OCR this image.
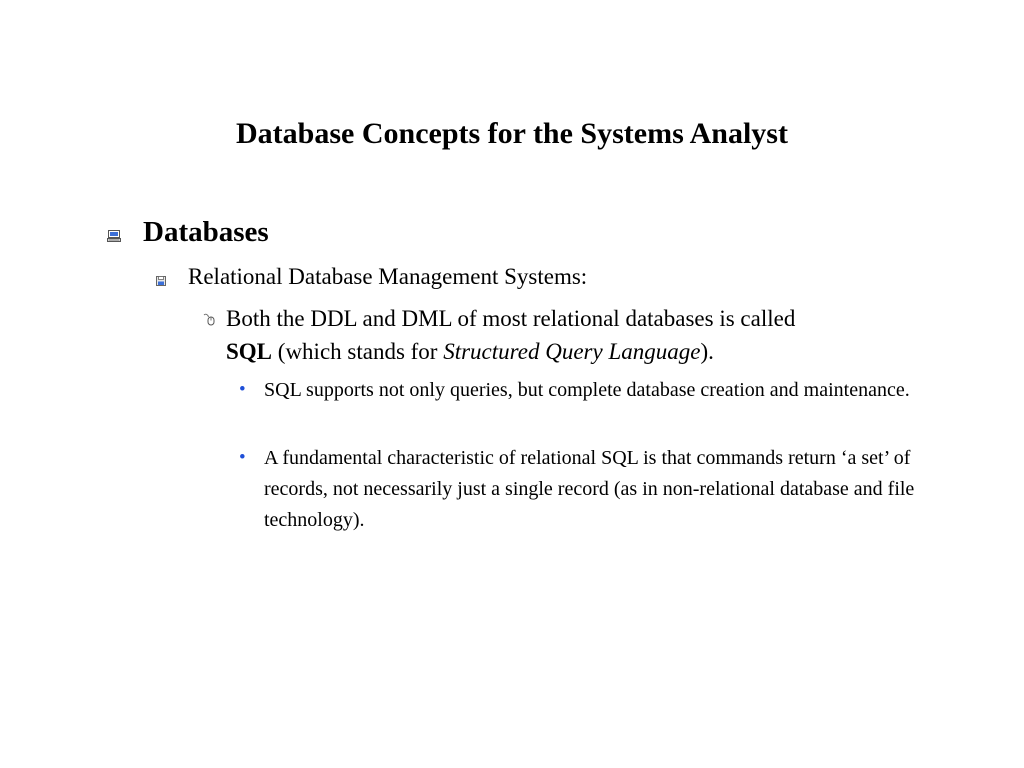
Database Concepts for the Systems Analyst
Databases
Relational Database Management Systems:
Both the DDL and DML of most relational databases is called
SQL (which stands for Structured Query Language).
• SQL supports not only queries, but complete database creation and maintenance.
• A fundamental characteristic of relational SQL is that commands return ‘a set’ of records, not necessarily just a single record (as in non-relational database and file technology).
